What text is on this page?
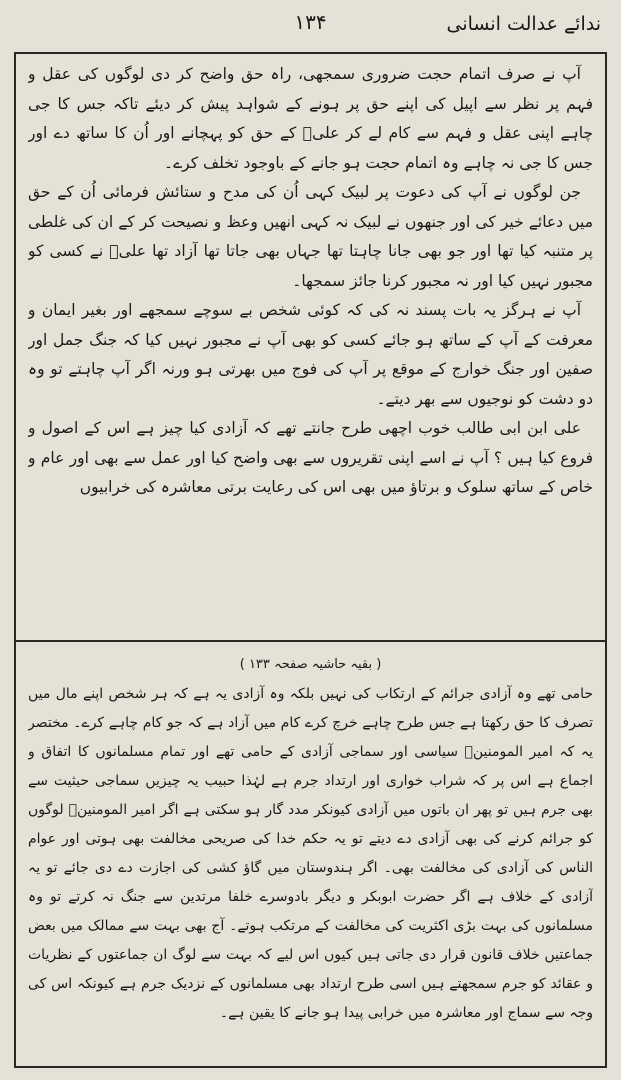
ندائے عدالت انسانی
۱۳۴

آپ نے صرف اتمام حجت ضروری سمجھی، راہ حق واضح کر دی لوگوں کی عقل و فہم پر نظر سے اپیل کی اپنے حق پر ہونے کے شواہد پیش کر دیئے تاکہ جس کا جی چاہے اپنی عقل و فہم سے کام لے کر علیؑ کے حق کو پہچانے اور اُن کا ساتھ دے اور جس کا جی نہ چاہے وہ اتمام حجت ہو جانے کے باوجود تخلف کرے۔

جن لوگوں نے آپ کی دعوت پر لبیک کہی اُن کی مدح و ستائش فرمائی اُن کے حق میں دعائے خیر کی اور جنھوں نے لبیک نہ کہی انھیں وعظ و نصیحت کر کے ان کی غلطی پر متنبہ کیا تھا اور جو بھی جانا چاہتا تھا جہاں بھی جاتا تھا آزاد تھا علیؑ نے کسی کو مجبور نہیں کیا اور نہ مجبور کرنا جائز سمجھا۔

آپ نے ہرگز یہ بات پسند نہ کی کہ کوئی شخص بے سوچے سمجھے اور بغیر ایمان و معرفت کے آپ کے ساتھ ہو جائے کسی کو بھی آپ نے مجبور نہیں کیا کہ جنگ جمل اور صفین اور جنگ خوارج کے موقع پر آپ کی فوج میں بھرتی ہو ورنہ اگر آپ چاہتے تو وہ دو دشت کو نوجیوں سے بھر دیتے۔

علی ابن ابی طالب خوب اچھی طرح جانتے تھے کہ آزادی کیا چیز ہے اس کے اصول و فروع کیا ہیں ؟ آپ نے اسے اپنی تقریروں سے بھی واضح کیا اور عمل سے بھی اور عام و خاص کے ساتھ سلوک و برتاؤ میں بھی اس کی رعایت برتی معاشرہ کی خرابیوں

( بقیہ حاشیہ صفحہ ۱۳۳ )

حامی تھے وہ آزادی جرائم کے ارتکاب کی نہیں بلکہ وہ آزادی یہ ہے کہ ہر شخص اپنے مال میں تصرف کا حق رکھتا ہے جس طرح چاہے خرچ کرے کام میں آزاد ہے کہ جو کام چاہے کرے۔ مختصر یہ کہ امیر المومنینؑ سیاسی اور سماجی آزادی کے حامی تھے اور تمام مسلمانوں کا اتفاق و اجماع ہے اس پر کہ شراب خواری اور ارتداد جرم ہے لہٰذا حبیب یہ چیزیں سماجی حیثیت سے بھی جرم ہیں تو پھر ان باتوں میں آزادی کیونکر مدد گار ہو سکتی ہے اگر امیر المومنینؑ لوگوں کو جرائم کرنے کی بھی آزادی دے دیتے تو یہ حکم خدا کی صریحی مخالفت بھی ہوتی اور عوام الناس کی آزادی کی مخالفت بھی۔ اگر ہندوستان میں گاؤ کشی کی اجازت دے دی جائے تو یہ آزادی کے خلاف ہے اگر حضرت ابوبکر و دیگر بادوسرے خلفا مرتدین سے جنگ نہ کرتے تو وہ مسلمانوں کی بہت بڑی اکثریت کی مخالفت کے مرتکب ہوتے۔ آج بھی بہت سے ممالک میں بعض جماعتیں خلاف قانون قرار دی جاتی ہیں کیوں اس لیے کہ بہت سے لوگ ان جماعتوں کے نظریات و عقائد کو جرم سمجھتے ہیں اسی طرح ارتداد بھی مسلمانوں کے نزدیک جرم ہے کیونکہ اس کی وجہ سے سماج اور معاشرہ میں خرابی پیدا ہو جانے کا یقین ہے۔
